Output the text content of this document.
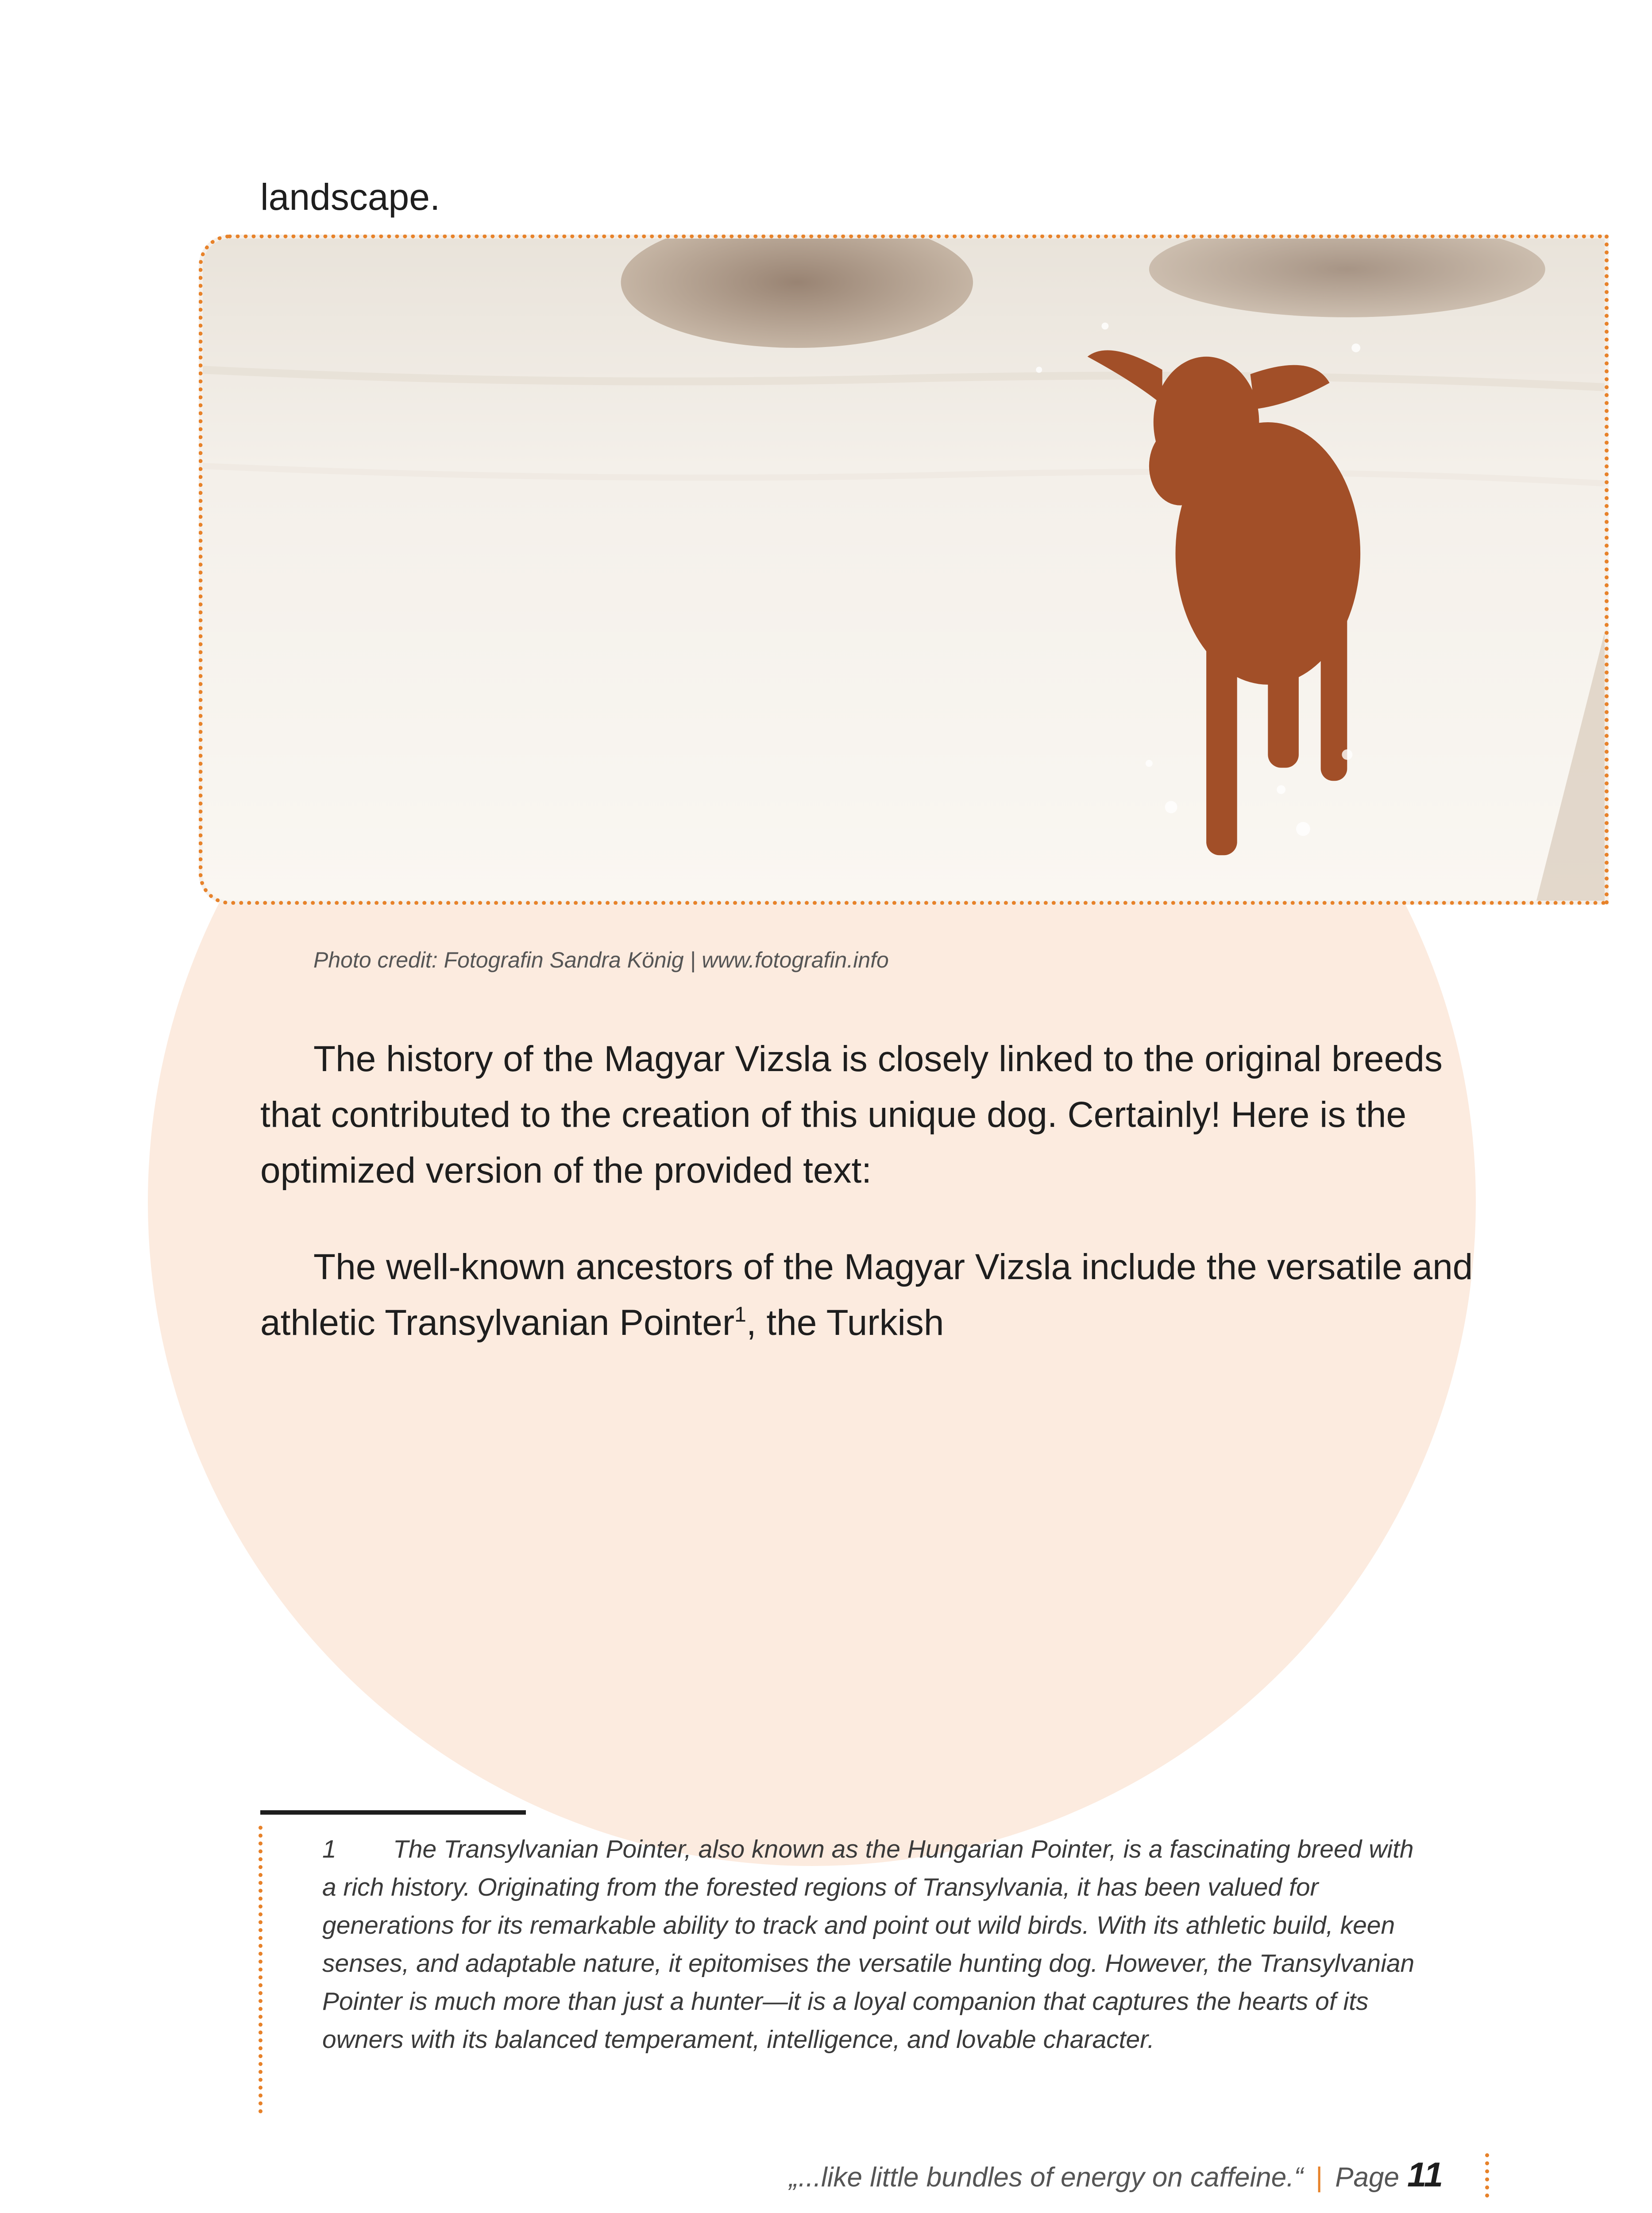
landscape.

Photo credit: Fotografin Sandra König | www.fotografin.info

The history of the Magyar Vizsla is closely linked to the original breeds that contributed to the creation of this unique dog. Certainly! Here is the optimized version of the provided text:

The well-known ancestors of the Magyar Vizsla include the versatile and athletic Transylvanian Pointer$^1$, the Turkish

1 The Transylvanian Pointer, also known as the Hungarian Pointer, is a fascinating breed with a rich history. Originating from the forested regions of Transylvania, it has been valued for generations for its remarkable ability to track and point out wild birds. With its athletic build, keen senses, and adaptable nature, it epitomises the versatile hunting dog. However, the Transylvanian Pointer is much more than just a hunter—it is a loyal companion that captures the hearts of its owners with its balanced temperament, intelligence, and lovable character.

„...like little bundles of energy on caffeine.“ | Page 11
